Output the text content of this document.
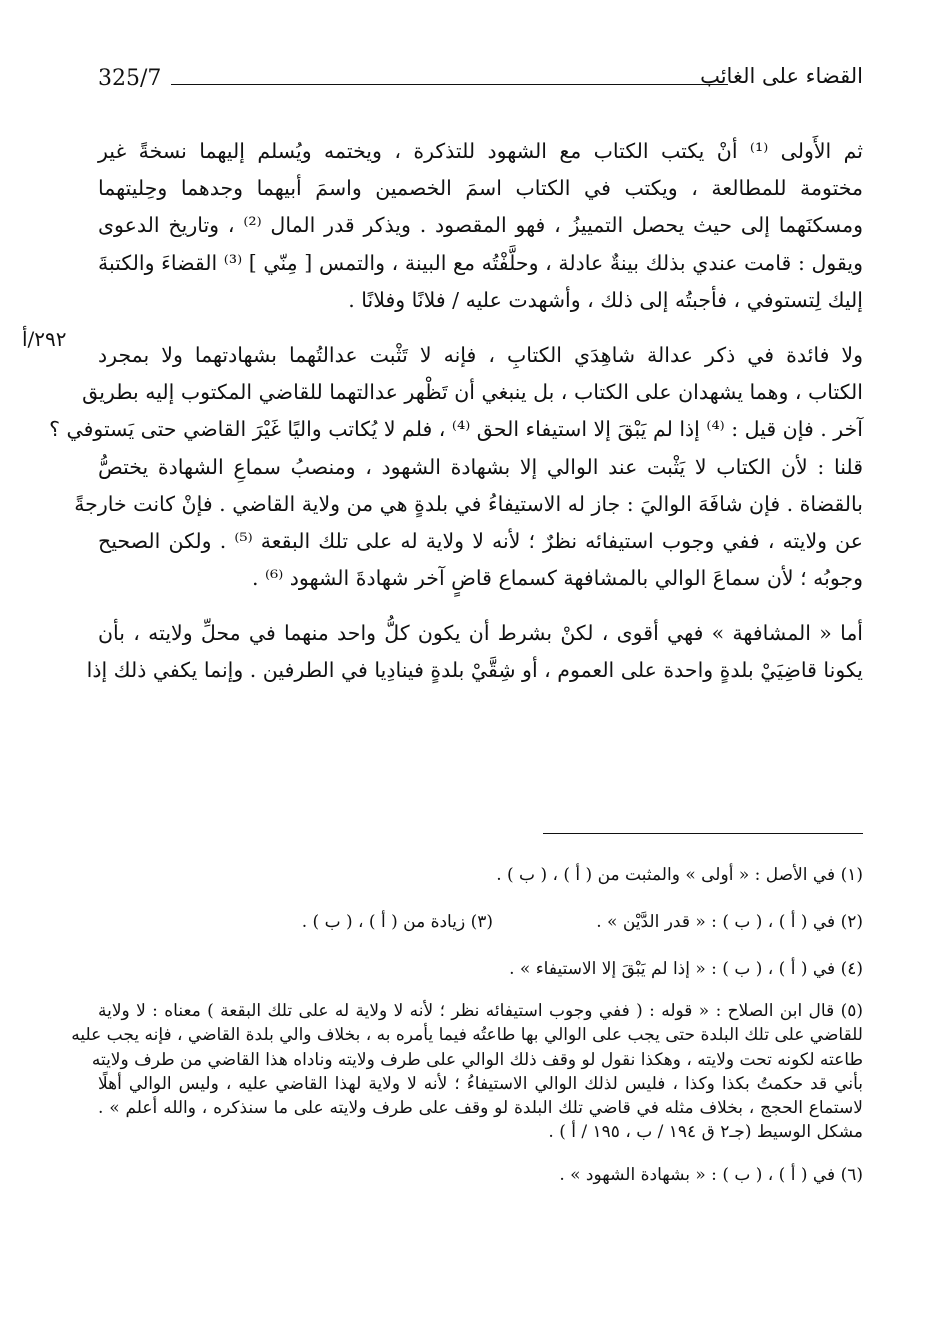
325/7	القضاء على الغائب
٢٩٢/أ
ثم الأَولى ⁽¹⁾ أنْ يكتب الكتاب مع الشهود للتذكرة ، ويختمه ويُسلم إليهما نسخةً غير
مختومة للمطالعة ، ويكتب في الكتاب اسمَ الخصمين واسمَ أبيهما وجدهما وحِليتهما
ومسكنَهما إلى حيث يحصل التمييزُ ، فهو المقصود . ويذكر قدر المال ⁽²⁾ ، وتاريخ الدعوى
ويقول : قامت عندي بذلك بينةٌ عادلة ، وحلَّفْتُه مع البينة ، والتمس [ مِنّي ] ⁽³⁾ القضاءَ والكتبةَ
إليك لِتستوفي ، فأجبتُه إلى ذلك ، وأشهدت عليه / فلانًا وفلانًا .
ولا فائدة في ذكر عدالة شاهِدَي الكتابِ ، فإنه لا تَثْبت عدالتُهما بشهادتهما ولا بمجرد
الكتاب ، وهما يشهدان على الكتاب ، بل ينبغي أن تَظْهر عدالتهما للقاضي المكتوب إليه بطريق
آخر . فإن قيل : ⁽⁴⁾ إذا لم يَبْقَ إلا استيفاء الحق ⁽⁴⁾ ، فلم لا يُكاتب واليًا غَيْرَ القاضي حتى يَستوفي ؟
قلنا : لأن الكتاب لا يَثْبت عند الوالي إلا بشهادة الشهود ، ومنصبُ سماعِ الشهادة يختصُّ
بالقضاة . فإن شافَهَ الواليَ : جاز له الاستيفاءُ في بلدةٍ هي من ولاية القاضي . فإنْ كانت خارجةً
عن ولايته ، ففي وجوب استيفائه نظرٌ ؛ لأنه لا ولاية له على تلك البقعة ⁽⁵⁾ . ولكن الصحيح
وجوبُه ؛ لأن سماعَ الوالي بالمشافهة كسماع قاضٍ آخر شهادةَ الشهود ⁽⁶⁾ .
أما « المشافهة » فهي أقوى ، لكنْ بشرط أن يكون كلُّ واحد منهما في محلِّ ولايته ، بأن
يكونا قاضِيَيْ بلدةٍ واحدة على العموم ، أو شِقَّيْ بلدةٍ فينادِيا في الطرفين . وإنما يكفي ذلك إذا
(١) في الأصل : « أولى » والمثبت من ( أ ) ، ( ب ) .
(٢) في ( أ ) ، ( ب ) : « قدر الدَّيْن » .
(٣) زيادة من ( أ ) ، ( ب ) .
(٤) في ( أ ) ، ( ب ) : « إذا لم يَبْقَ إلا الاستيفاء » .
(٥) قال ابن الصلاح : « قوله : ( ففي وجوب استيفائه نظر ؛ لأنه لا ولاية له على تلك البقعة ) معناه : لا ولاية
للقاضي على تلك البلدة حتى يجب على الوالي بها طاعتُه فيما يأمره به ، بخلاف والي بلدة القاضي ، فإنه يجب عليه
طاعته لكونه تحت ولايته ، وهكذا نقول لو وقف ذلك الوالي على طرف ولايته وناداه هذا القاضي من طرف ولايته
بأني قد حكمتُ بكذا وكذا ، فليس لذلك الوالي الاستيفاءُ ؛ لأنه لا ولاية لهذا القاضي عليه ، وليس الوالي أهلًا
لاستماع الحجج ، بخلاف مثله في قاضي تلك البلدة لو وقف على طرف ولايته على ما سنذكره ، والله أعلم » .
مشكل الوسيط (جـ٢ ق ١٩٤ / ب ، ١٩٥ / أ ) .
(٦) في ( أ ) ، ( ب ) : « بشهادة الشهود » .
